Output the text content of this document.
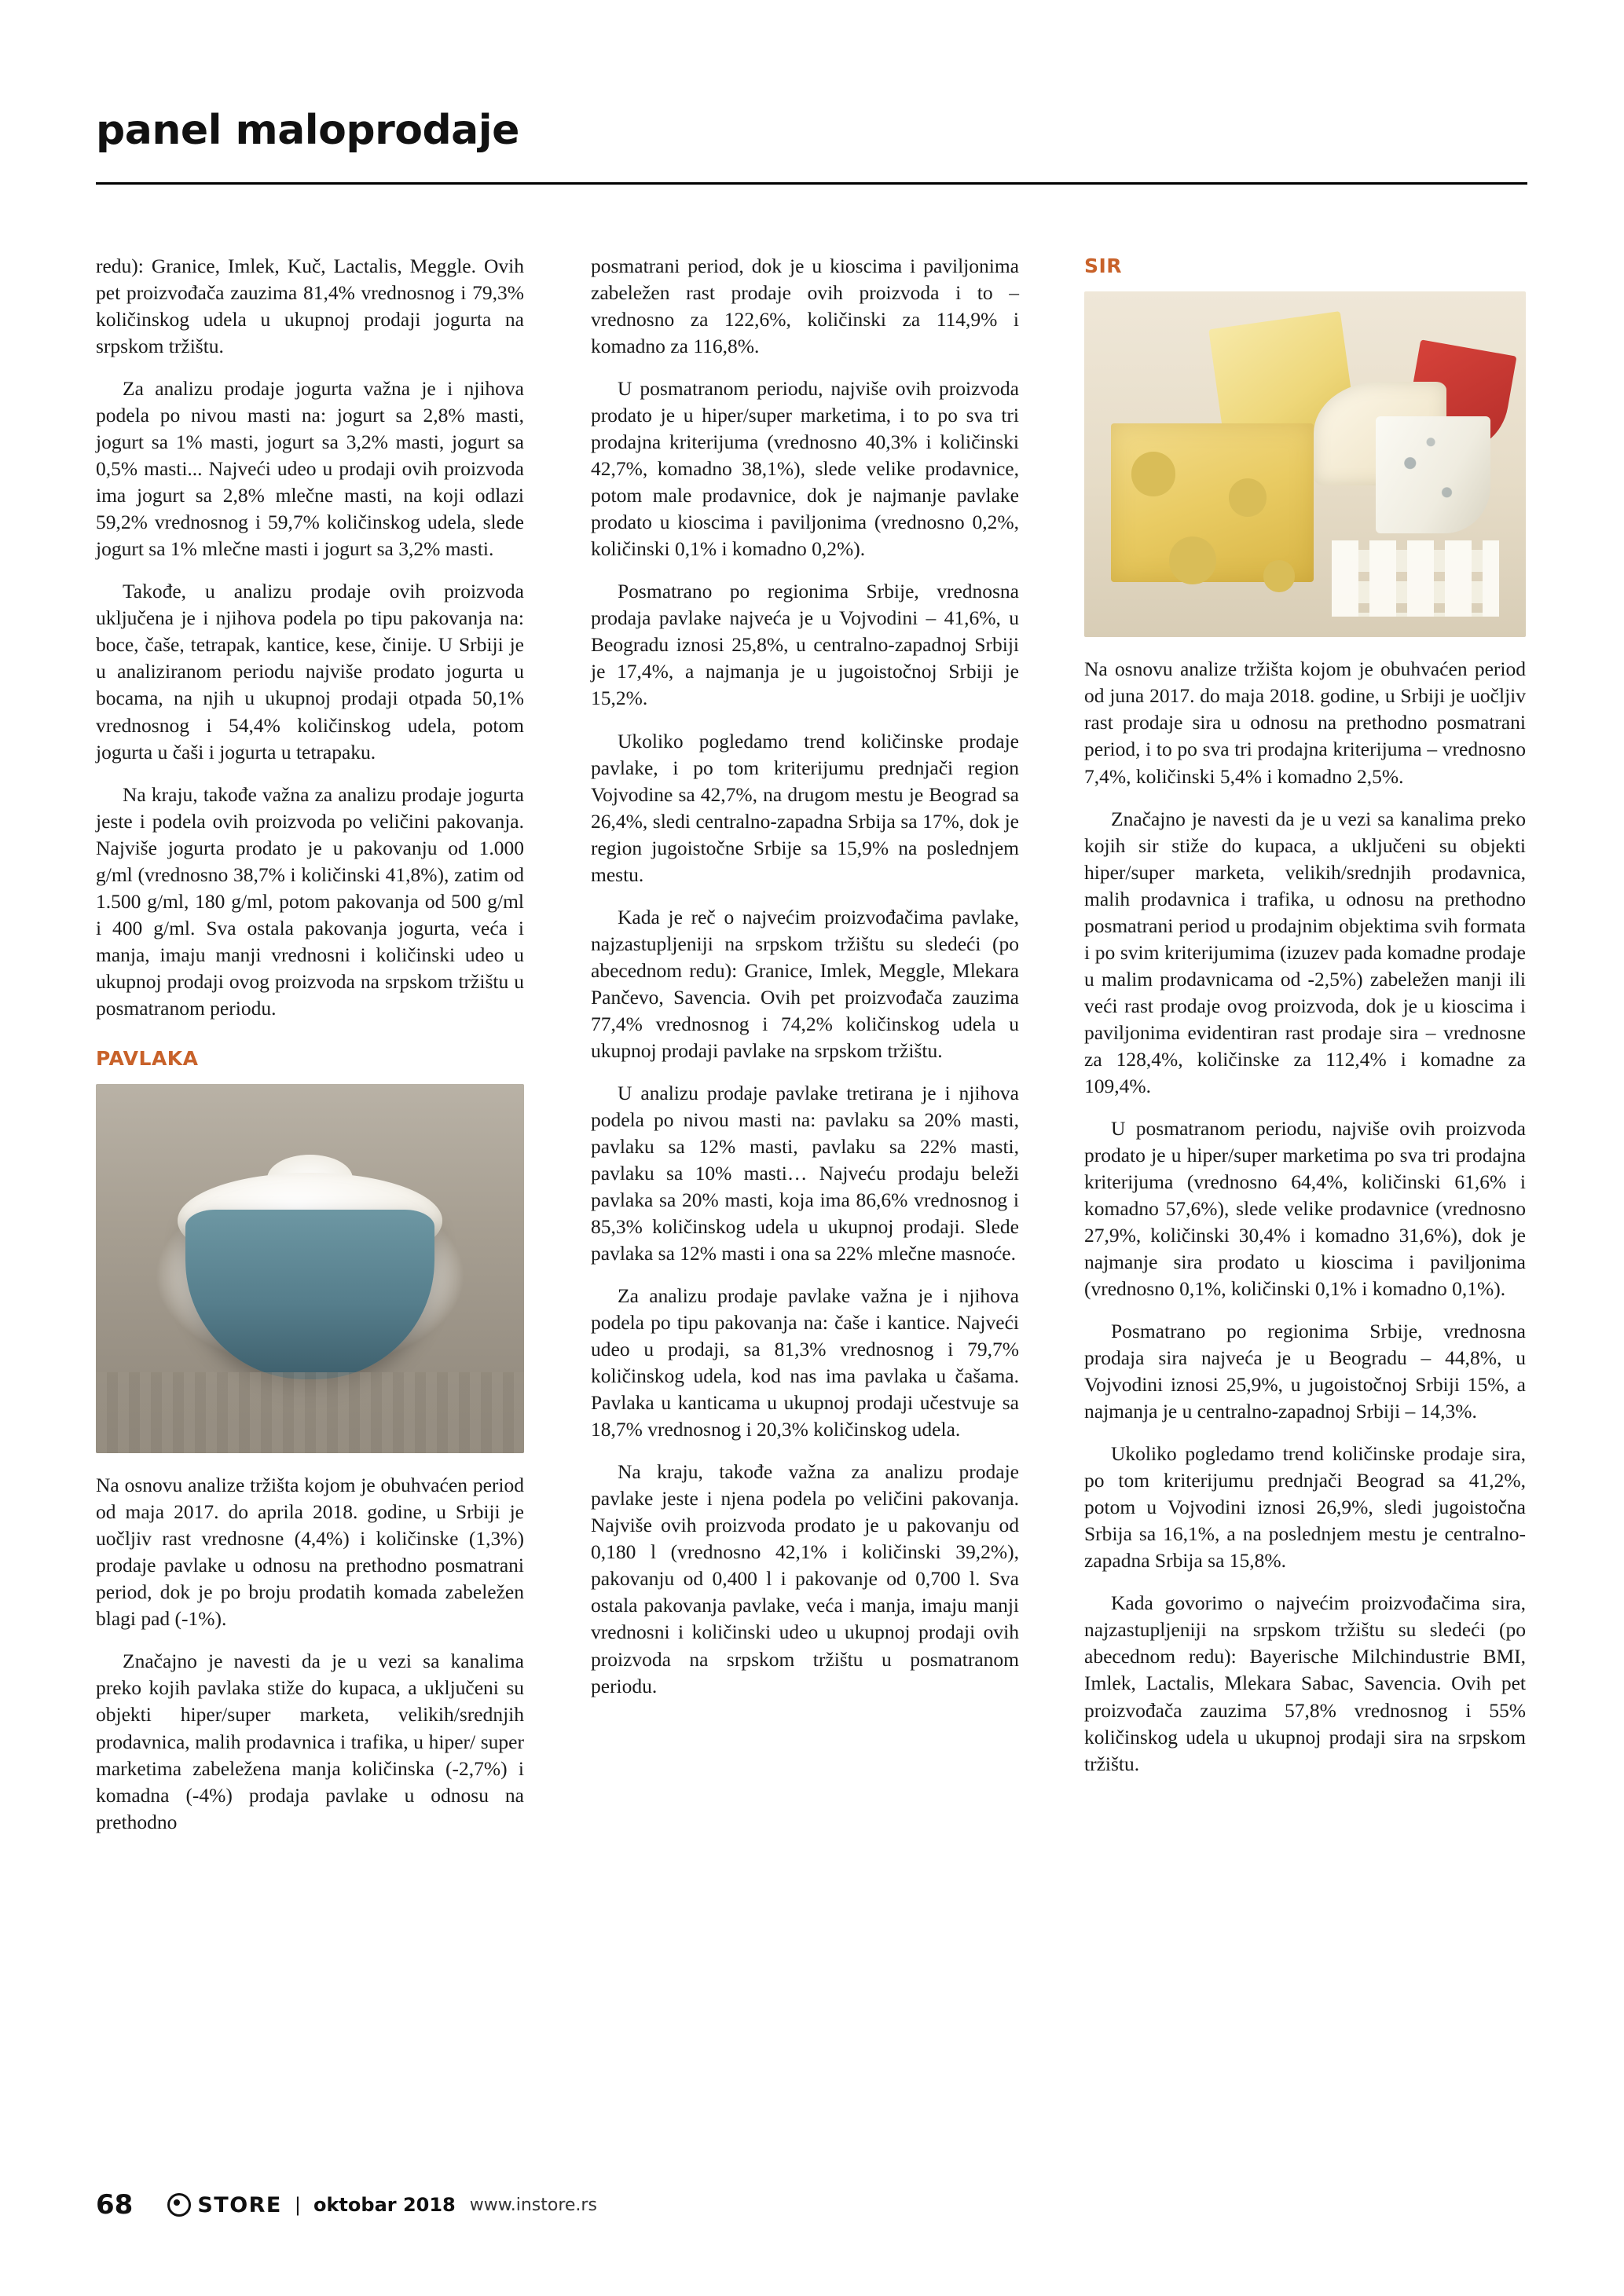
panel maloprodaje

redu): Granice, Imlek, Kuč, Lactalis, Meggle. Ovih pet proizvođača zauzima 81,4% vrednosnog i 79,3% količinskog udela u ukupnoj prodaji jogurta na srpskom tržištu.

Za analizu prodaje jogurta važna je i njihova podela po nivou masti na: jogurt sa 2,8% masti, jogurt sa 1% masti, jogurt sa 3,2% masti, jogurt sa 0,5% masti... Najveći udeo u prodaji ovih proizvoda ima jogurt sa 2,8% mlečne masti, na koji odlazi 59,2% vrednosnog i 59,7% količinskog udela, slede jogurt sa 1% mlečne masti i jogurt sa 3,2% masti.

Takođe, u analizu prodaje ovih proizvoda uključena je i njihova podela po tipu pakovanja na: boce, čaše, tetrapak, kantice, kese, činije. U Srbiji je u analiziranom periodu najviše prodato jogurta u bocama, na njih u ukupnoj prodaji otpada 50,1% vrednosnog i 54,4% količinskog udela, potom jogurta u čaši i jogurta u tetrapaku.

Na kraju, takođe važna za analizu prodaje jogurta jeste i podela ovih proizvoda po veličini pakovanja. Najviše jogurta prodato je u pakovanju od 1.000 g/ml (vrednosno 38,7% i količinski 41,8%), zatim od 1.500 g/ml, 180 g/ml, potom pakovanja od 500 g/ml i 400 g/ml. Sva ostala pakovanja jogurta, veća i manja, imaju manji vrednosni i količinski udeo u ukupnoj prodaji ovog proizvoda na srpskom tržištu u posmatranom periodu.

PAVLAKA

Na osnovu analize tržišta kojom je obuhvaćen period od maja 2017. do aprila 2018. godine, u Srbiji je uočljiv rast vrednosne (4,4%) i količinske (1,3%) prodaje pavlake u odnosu na prethodno posmatrani period, dok je po broju prodatih komada zabeležen blagi pad (-1%).

Značajno je navesti da je u vezi sa kanalima preko kojih pavlaka stiže do kupaca, a uključeni su objekti hiper/super marketa, velikih/srednjih prodavnica, malih prodavnica i trafika, u hiper/ super marketima zabeležena manja količinska (-2,7%) i komadna (-4%) prodaja pavlake u odnosu na prethodno

posmatrani period, dok je u kioscima i pavilјonima zabeležen rast prodaje ovih proizvoda i to – vrednosno za 122,6%, količinski za 114,9% i komadno za 116,8%.

U posmatranom periodu, najviše ovih proizvoda prodato je u hiper/super marketima, i to po sva tri prodajna kriterijuma (vrednosno 40,3% i količinski 42,7%, komadno 38,1%), slede velike prodavnice, potom male prodavnice, dok je najmanje pavlake prodato u kioscima i pavilјonima (vrednosno 0,2%, količinski 0,1% i komadno 0,2%).

Posmatrano po regionima Srbije, vrednosna prodaja pavlake najveća je u Vojvodini – 41,6%, u Beogradu iznosi 25,8%, u centralno-zapadnoj Srbiji je 17,4%, a najmanja je u jugoistočnoj Srbiji je 15,2%.

Ukoliko pogledamo trend količinske prodaje pavlake, i po tom kriterijumu prednjači region Vojvodine sa 42,7%, na drugom mestu je Beograd sa 26,4%, sledi centralno-zapadna Srbija sa 17%, dok je region jugoistočne Srbije sa 15,9% na poslednjem mestu.

Kada je reč o najvećim proizvođačima pavlake, najzastupljeniji na srpskom tržištu su sledeći (po abecednom redu): Granice, Imlek, Meggle, Mlekara Pančevo, Savencia. Ovih pet proizvođača zauzima 77,4% vrednosnog i 74,2% količinskog udela u ukupnoj prodaji pavlake na srpskom tržištu.

U analizu prodaje pavlake tretirana je i njihova podela po nivou masti na: pavlaku sa 20% masti, pavlaku sa 12% masti, pavlaku sa 22% masti, pavlaku sa 10% masti… Najveću prodaju beleži pavlaka sa 20% masti, koja ima 86,6% vrednosnog i 85,3% količinskog udela u ukupnoj prodaji. Slede pavlaka sa 12% masti i ona sa 22% mlečne masnoće.

Za analizu prodaje pavlake važna je i njihova podela po tipu pakovanja na: čaše i kantice. Najveći udeo u prodaji, sa 81,3% vrednosnog i 79,7% količinskog udela, kod nas ima pavlaka u čašama. Pavlaka u kanticama u ukupnoj prodaji učestvuje sa 18,7% vrednosnog i 20,3% količinskog udela.

Na kraju, takođe važna za analizu prodaje pavlake jeste i njena podela po veličini pakovanja. Najviše ovih proizvoda prodato je u pakovanju od 0,180 l (vrednosno 42,1% i količinski 39,2%), pakovanju od 0,400 l i pakovanje od 0,700 l. Sva ostala pakovanja pavlake, veća i manja, imaju manji vrednosni i količinski udeo u ukupnoj prodaji ovih proizvoda na srpskom tržištu u posmatranom periodu.

SIR

Na osnovu analize tržišta kojom je obuhvaćen period od juna 2017. do maja 2018. godine, u Srbiji je uočljiv rast prodaje sira u odnosu na prethodno posmatrani period, i to po sva tri prodajna kriterijuma – vrednosno 7,4%, količinski 5,4% i komadno 2,5%.

Značajno je navesti da je u vezi sa kanalima preko kojih sir stiže do kupaca, a uključeni su objekti hiper/super marketa, velikih/srednjih prodavnica, malih prodavnica i trafika, u odnosu na prethodno posmatrani period u prodajnim objektima svih formata i po svim kriterijumima (izuzev pada komadne prodaje u malim prodavnicama od -2,5%) zabeležen manji ili veći rast prodaje ovog proizvoda, dok je u kioscima i pavilјonima evidentiran rast prodaje sira – vrednosne za 128,4%, količinske za 112,4% i komadne za 109,4%.

U posmatranom periodu, najviše ovih proizvoda prodato je u hiper/super marketima po sva tri prodajna kriterijuma (vrednosno 64,4%, količinski 61,6% i komadno 57,6%), slede velike prodavnice (vrednosno 27,9%, količinski 30,4% i komadno 31,6%), dok je najmanje sira prodato u kioscima i pavilјonima (vrednosno 0,1%, količinski 0,1% i komadno 0,1%).

Posmatrano po regionima Srbije, vrednosna prodaja sira najveća je u Beogradu – 44,8%, u Vojvodini iznosi 25,9%, u jugoistočnoj Srbiji 15%, a najmanja je u centralno-zapadnoj Srbiji – 14,3%.

Ukoliko pogledamo trend količinske prodaje sira, po tom kriterijumu prednjači Beograd sa 41,2%, potom u Vojvodini iznosi 26,9%, sledi jugoistočna Srbija sa 16,1%, a na poslednjem mestu je centralno-zapadna Srbija sa 15,8%.

Kada govorimo o najvećim proizvođačima sira, najzastupljeniji na srpskom tržištu su sledeći (po abecednom redu): Bayerische Milchindustrie BMI, Imlek, Lactalis, Mlekara Sabac, Savencia. Ovih pet proizvođača zauzima 57,8% vrednosnog i 55% količinskog udela u ukupnoj prodaji sira na srpskom tržištu.

68	STORE | oktobar 2018 www.instore.rs
